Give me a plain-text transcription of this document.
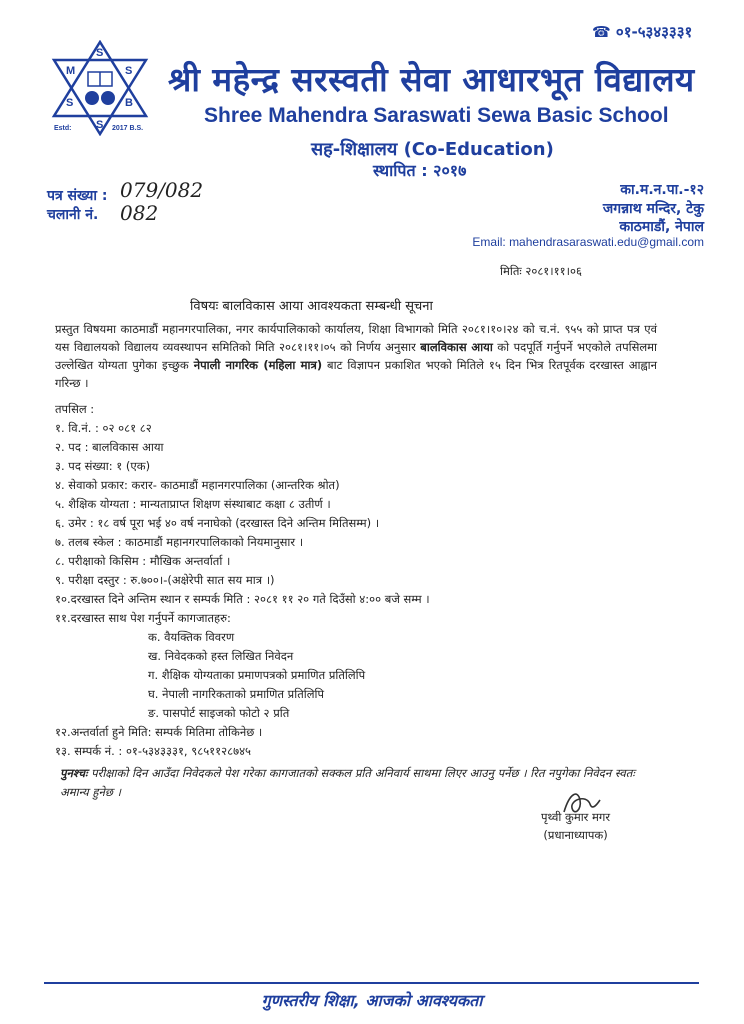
☎ ०१-५३४३३३१
M	S
S	B
S
S
Estd:	2017 B.S.
श्री महेन्द्र सरस्वती सेवा आधारभूत विद्यालय
Shree Mahendra Saraswati Sewa Basic School
सह-शिक्षालय (Co-Education)
स्थापित : २०१७
पत्र संख्या : 079/082
चलानी नं. 082
का.म.न.पा.-१२
जगन्नाथ मन्दिर, टेकु
काठमाडौं, नेपाल
Email: mahendrasaraswati.edu@gmail.com
मितिः २०८१।११।०६
विषयः बालविकास आया आवश्यकता सम्बन्धी सूचना
प्रस्तुत विषयमा काठमाडौं महानगरपालिका, नगर कार्यपालिकाको कार्यालय, शिक्षा विभागको मिति २०८१।१०।२४ को च.नं. ९५५ को प्राप्त पत्र एवं यस विद्यालयको विद्यालय व्यवस्थापन समितिको मिति २०८१।११।०५ को निर्णय अनुसार बालविकास आया को पदपूर्ति गर्नुपर्ने भएकोले तपसिलमा उल्लेखित योग्यता पुगेका इच्छुक नेपाली नागरिक (महिला मात्र) बाट विज्ञापन प्रकाशित भएको मितिले १५ दिन भित्र रितपूर्वक दरखास्त आह्वान गरिन्छ ।
तपसिल :
१. वि.नं. : ०२ ०८१ ८२
२. पद : बालविकास आया
३. पद संख्या: १ (एक)
४. सेवाको प्रकार: करार- काठमाडौं महानगरपालिका (आन्तरिक श्रोत)
५. शैक्षिक योग्यता : मान्यताप्राप्त शिक्षण संस्थाबाट कक्षा ८ उतीर्ण ।
६. उमेर : १८ वर्ष पूरा भई ४० वर्ष ननाघेको (दरखास्त दिने अन्तिम मितिसम्म) ।
७. तलब स्केल : काठमाडौं महानगरपालिकाको नियमानुसार ।
८. परीक्षाको किसिम : मौखिक अन्तर्वार्ता ।
९. परीक्षा दस्तुर : रु.७००।-(अक्षेरेपी सात सय मात्र ।)
१०.दरखास्त दिने अन्तिम स्थान र सम्पर्क मिति : २०८१ ११ २० गते दिउँसो ४:०० बजे सम्म ।
११.दरखास्त साथ पेश गर्नुपर्ने कागजातहरु:
क. वैयक्तिक विवरण
ख. निवेदकको हस्त लिखित निवेदन
ग. शैक्षिक योग्यताका प्रमाणपत्रको प्रमाणित प्रतिलिपि
घ. नेपाली नागरिकताको प्रमाणित प्रतिलिपि
ङ. पासपोर्ट साइजको फोटो २ प्रति
१२.अन्तर्वार्ता हुने मिति: सम्पर्क मितिमा तोकिनेछ ।
१३. सम्पर्क नं. : ०१-५३४३३३१, ९८५११२८७४५
पुनश्चः परीक्षाको दिन आउँदा निवेदकले पेश गरेका कागजातको सक्कल प्रति अनिवार्य साथमा लिएर आउनु पर्नेछ । रित नपुगेका निवेदन स्वतः अमान्य हुनेछ ।
पृथ्वी कुमार मगर
(प्रधानाध्यापक)
गुणस्तरीय शिक्षा, आजको आवश्यकता
